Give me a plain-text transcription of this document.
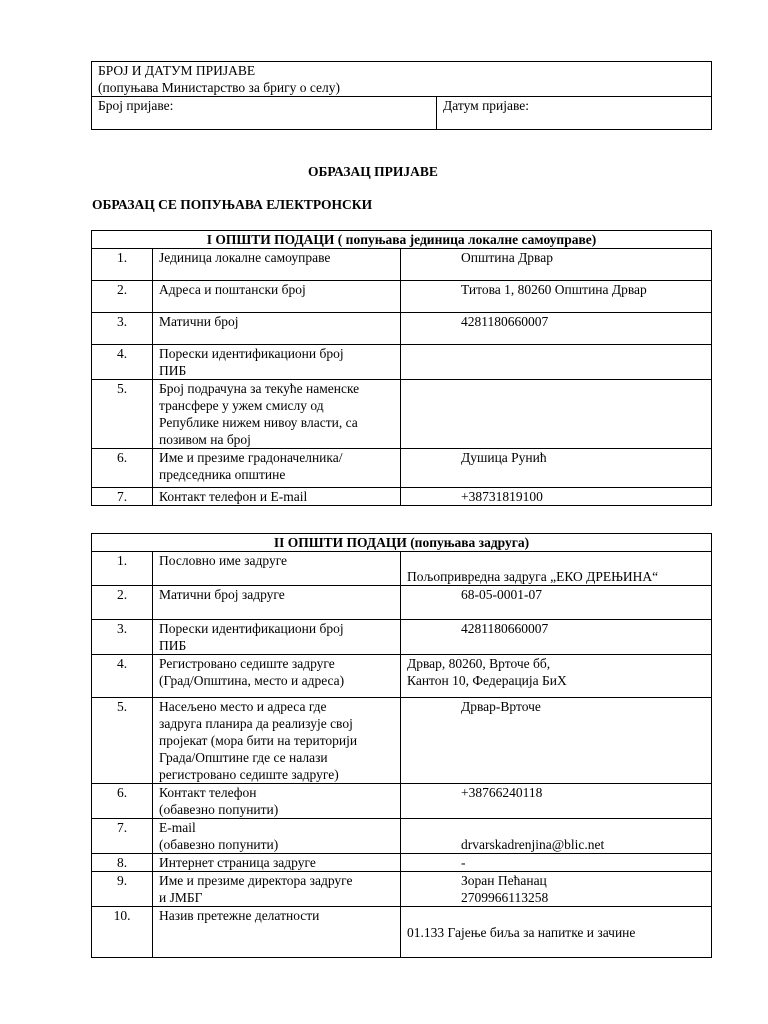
БРОЈ И ДАТУМ ПРИЈАВЕ
(попуњава Министарство за бригу о селу)

Број пријаве:	Датум пријаве:
ОБРАЗАЦ ПРИЈАВЕ
ОБРАЗАЦ СЕ ПОПУЊАВА ЕЛЕКТРОНСКИ
I ОПШТИ ПОДАЦИ ( попуњава јединица локалне самоуправе)		
1.	Јединица локалне самоуправе	Општина Дрвар
2.	Адреса и поштански број	Титова 1, 80260 Општина Дрвар
3.	Матични број	4281180660007
4.	Порески идентификациони број
ПИБ	
5.	Број подрачуна за текуће наменске
трансфере у ужем смислу од
Републике нижем нивоу власти, са
позивом на број	
6.	Име и презиме градоначелника/
председника општине	Душица Рунић
7.	Контакт телефон и E-mail	+38731819100
II ОПШТИ ПОДАЦИ (попуњава задруга)		
1.	Пословно име задруге	Пољопривредна задруга „ЕКО ДРЕЊИНА“
2.	Матични број задруге	68-05-0001-07
3.	Порески идентификациони број
ПИБ	4281180660007
4.	Регистровано седиште задруге
(Град/Општина, место и адреса)	Дрвар, 80260, Врточе бб,
Кантон 10, Федерација БиХ
5.	Насељено место и адреса где
задруга планира да реализује свој
пројекат (мора бити на територији
Града/Општине где се налази
регистровано седиште задруге)	Дрвар-Врточе
6.	Контакт телефон
(обавезно попунити)	+38766240118
7.	E-mail
(обавезно попунити)	drvarskadrenjina@blic.net
8.	Интернет страница задруге	-
9.	Име и презиме директора задруге
и ЈМБГ	Зоран Пећанац
2709966113258
10.	Назив претежне делатности	01.133 Гајење биља за напитке и зачине
